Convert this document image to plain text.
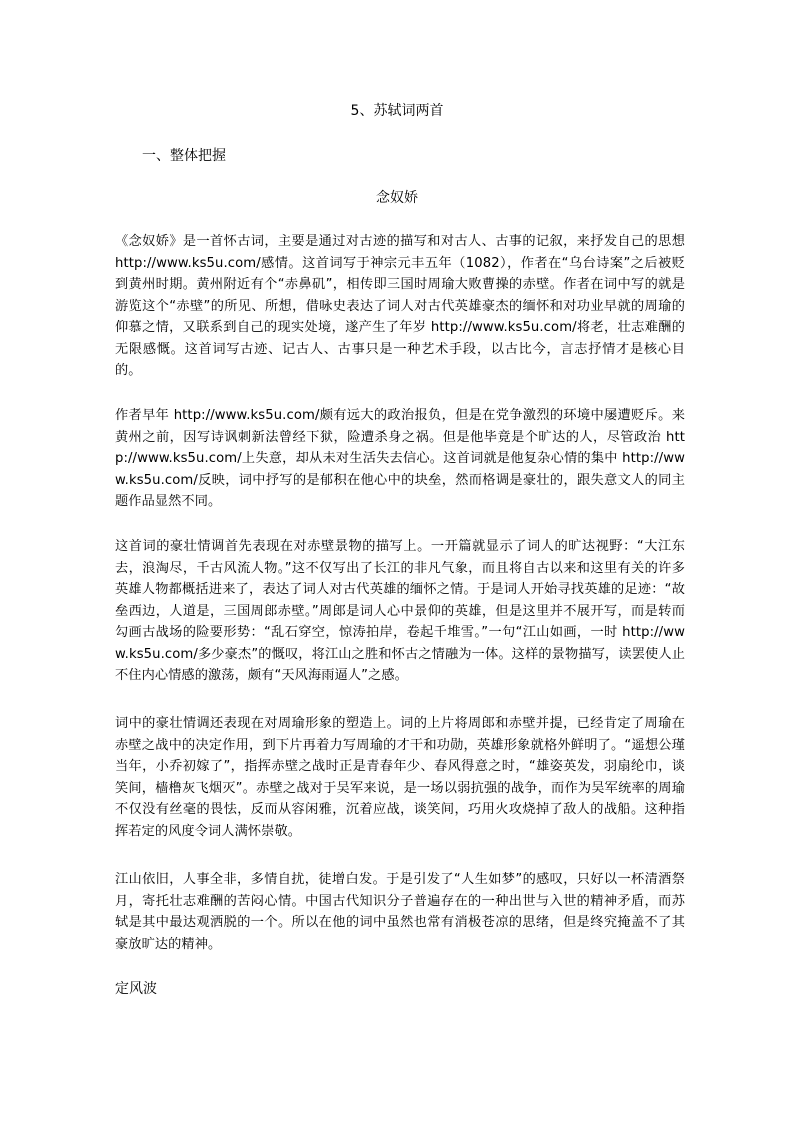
5、苏轼词两首
一、整体把握
念奴娇

《念奴娇》是一首怀古词，主要是通过对古迹的描写和对古人、古事的记叙，来抒发自己的思想 http://www.ks5u.com/感情。这首词写于神宗元丰五年（1082），作者在“乌台诗案”之后被贬到黄州时期。黄州附近有个“赤鼻矶”，相传即三国时周瑜大败曹操的赤壁。作者在词中写的就是游览这个“赤壁”的所见、所想，借咏史表达了词人对古代英雄豪杰的缅怀和对功业早就的周瑜的仰慕之情，又联系到自己的现实处境，遂产生了年岁 http://www.ks5u.com/将老，壮志难酬的无限感慨。这首词写古迹、记古人、古事只是一种艺术手段，以古比今，言志抒情才是核心目的。

作者早年 http://www.ks5u.com/颇有远大的政治报负，但是在党争激烈的环境中屡遭贬斥。来黄州之前，因写诗讽刺新法曾经下狱，险遭杀身之祸。但是他毕竟是个旷达的人，尽管政治 http://www.ks5u.com/上失意，却从未对生活失去信心。这首词就是他复杂心情的集中 http://www.ks5u.com/反映，词中抒写的是郁积在他心中的块垒，然而格调是豪壮的，跟失意文人的同主题作品显然不同。

这首词的豪壮情调首先表现在对赤壁景物的描写上。一开篇就显示了词人的旷达视野：“大江东去，浪淘尽，千古风流人物。”这不仅写出了长江的非凡气象，而且将自古以来和这里有关的许多英雄人物都概括进来了，表达了词人对古代英雄的缅怀之情。于是词人开始寻找英雄的足迹：“故垒西边，人道是，三国周郎赤壁。”周郎是词人心中景仰的英雄，但是这里并不展开写，而是转而勾画古战场的险要形势：“乱石穿空，惊涛拍岸，卷起千堆雪。”一句“江山如画，一时 http://www.ks5u.com/多少豪杰”的慨叹，将江山之胜和怀古之情融为一体。这样的景物描写，读罢使人止不住内心情感的激荡，颇有“天风海雨逼人”之感。

词中的豪壮情调还表现在对周瑜形象的塑造上。词的上片将周郎和赤壁并提，已经肯定了周瑜在赤壁之战中的决定作用，到下片再着力写周瑜的才干和功勋，英雄形象就格外鲜明了。“遥想公瑾当年，小乔初嫁了”，指挥赤壁之战时正是青春年少、春风得意之时，“雄姿英发，羽扇纶巾，谈笑间，樯橹灰飞烟灭”。赤壁之战对于吴军来说，是一场以弱抗强的战争，而作为吴军统率的周瑜不仅没有丝毫的畏怯，反而从容闲雅，沉着应战，谈笑间，巧用火攻烧掉了敌人的战船。这种指挥若定的风度令词人满怀崇敬。

江山依旧，人事全非，多情自扰，徒增白发。于是引发了“人生如梦”的感叹，只好以一杯清酒祭月，寄托壮志难酬的苦闷心情。中国古代知识分子普遍存在的一种出世与入世的精神矛盾，而苏轼是其中最达观洒脱的一个。所以在他的词中虽然也常有消极苍凉的思绪，但是终究掩盖不了其豪放旷达的精神。

定风波
